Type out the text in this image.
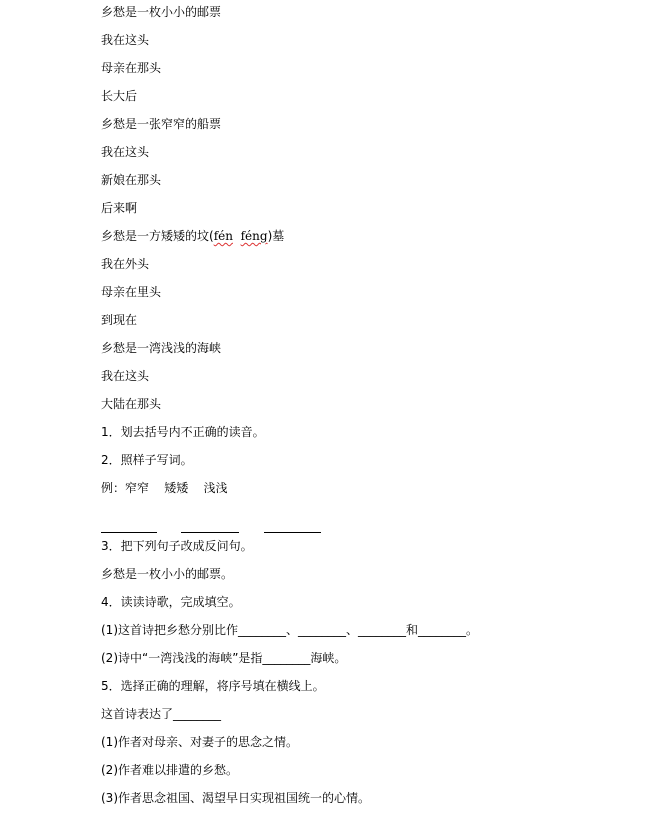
乡愁是一枚小小的邮票
我在这头
母亲在那头
长大后
乡愁是一张窄窄的船票
我在这头
新娘在那头
后来啊
乡愁是一方矮矮的坟(fén féng)墓
我在外头
母亲在里头
到现在
乡愁是一湾浅浅的海峡
我在这头
大陆在那头
1．划去括号内不正确的读音。
2．照样子写词。
例：窄窄    矮矮    浅浅
3．把下列句子改成反问句。
乡愁是一枚小小的邮票。
4．读读诗歌，完成填空。
(1)这首诗把乡愁分别比作________、________、________和________。
(2)诗中“一湾浅浅的海峡”是指________海峡。
5．选择正确的理解，将序号填在横线上。
这首诗表达了________
(1)作者对母亲、对妻子的思念之情。
(2)作者难以排遣的乡愁。
(3)作者思念祖国、渴望早日实现祖国统一的心情。
